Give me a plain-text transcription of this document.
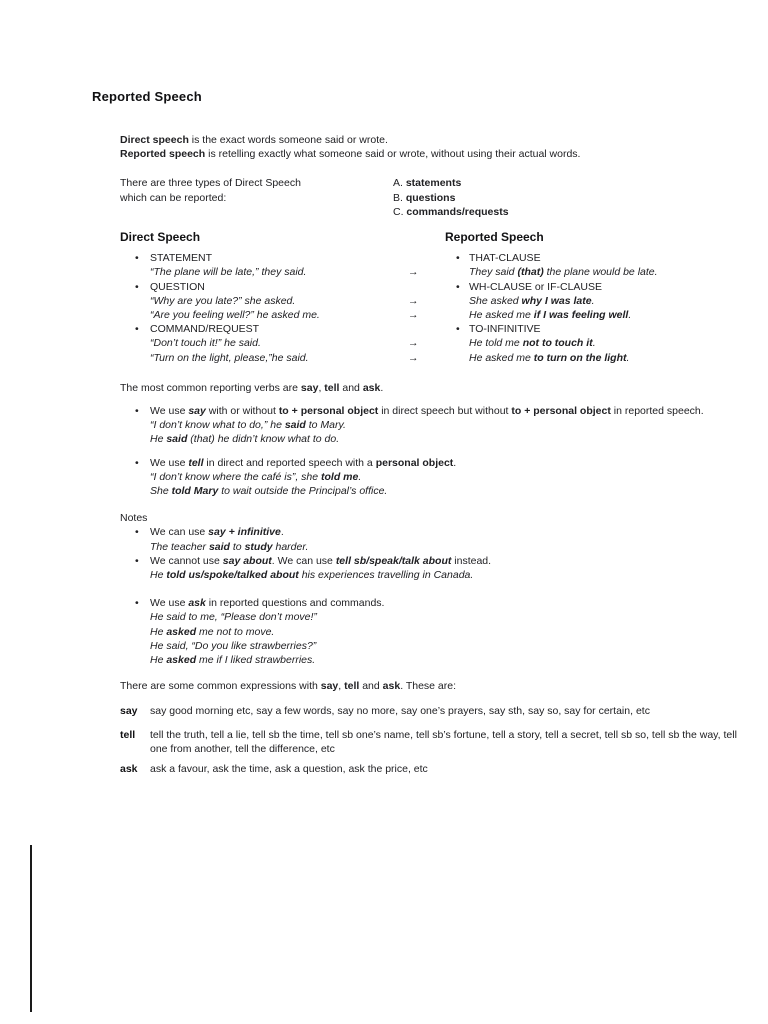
Reported Speech
Direct speech is the exact words someone said or wrote.
Reported speech is retelling exactly what someone said or wrote, without using their actual words.
There are three types of Direct Speech
which can be reported:
A. statements
B. questions
C. commands/requests
Direct Speech	Reported Speech
• STATEMENT	• THAT-CLAUSE
“The plane will be late,” they said.	→	They said (that) the plane would be late.
• QUESTION	• WH-CLAUSE or IF-CLAUSE
“Why are you late?” she asked.	→	She asked why I was late.
“Are you feeling well?” he asked me.	→	He asked me if I was feeling well.
• COMMAND/REQUEST	• TO-INFINITIVE
“Don’t touch it!” he said.	→	He told me not to touch it.
“Turn on the light, please,”he said.	→	He asked me to turn on the light.
The most common reporting verbs are say, tell and ask.
• We use say with or without to + personal object in direct speech but without to + personal object in reported speech.
“I don’t know what to do,” he said to Mary.
He said (that) he didn’t know what to do.
• We use tell in direct and reported speech with a personal object.
“I don’t know where the café is”, she told me.
She told Mary to wait outside the Principal’s office.
Notes
• We can use say + infinitive.
The teacher said to study harder.
• We cannot use say about. We can use tell sb/speak/talk about instead.
He told us/spoke/talked about his experiences travelling in Canada.
• We use ask in reported questions and commands.
He said to me, “Please don’t move!”
He asked me not to move.
He said, “Do you like strawberries?”
He asked me if I liked strawberries.
There are some common expressions with say, tell and ask. These are:
say	say good morning etc, say a few words, say no more, say one’s prayers, say sth, say so, say for certain, etc
tell	tell the truth, tell a lie, tell sb the time, tell sb one’s name, tell sb’s fortune, tell a story, tell a secret, tell sb so, tell sb the way, tell one from another, tell the difference, etc
ask	ask a favour, ask the time, ask a question, ask the price, etc
